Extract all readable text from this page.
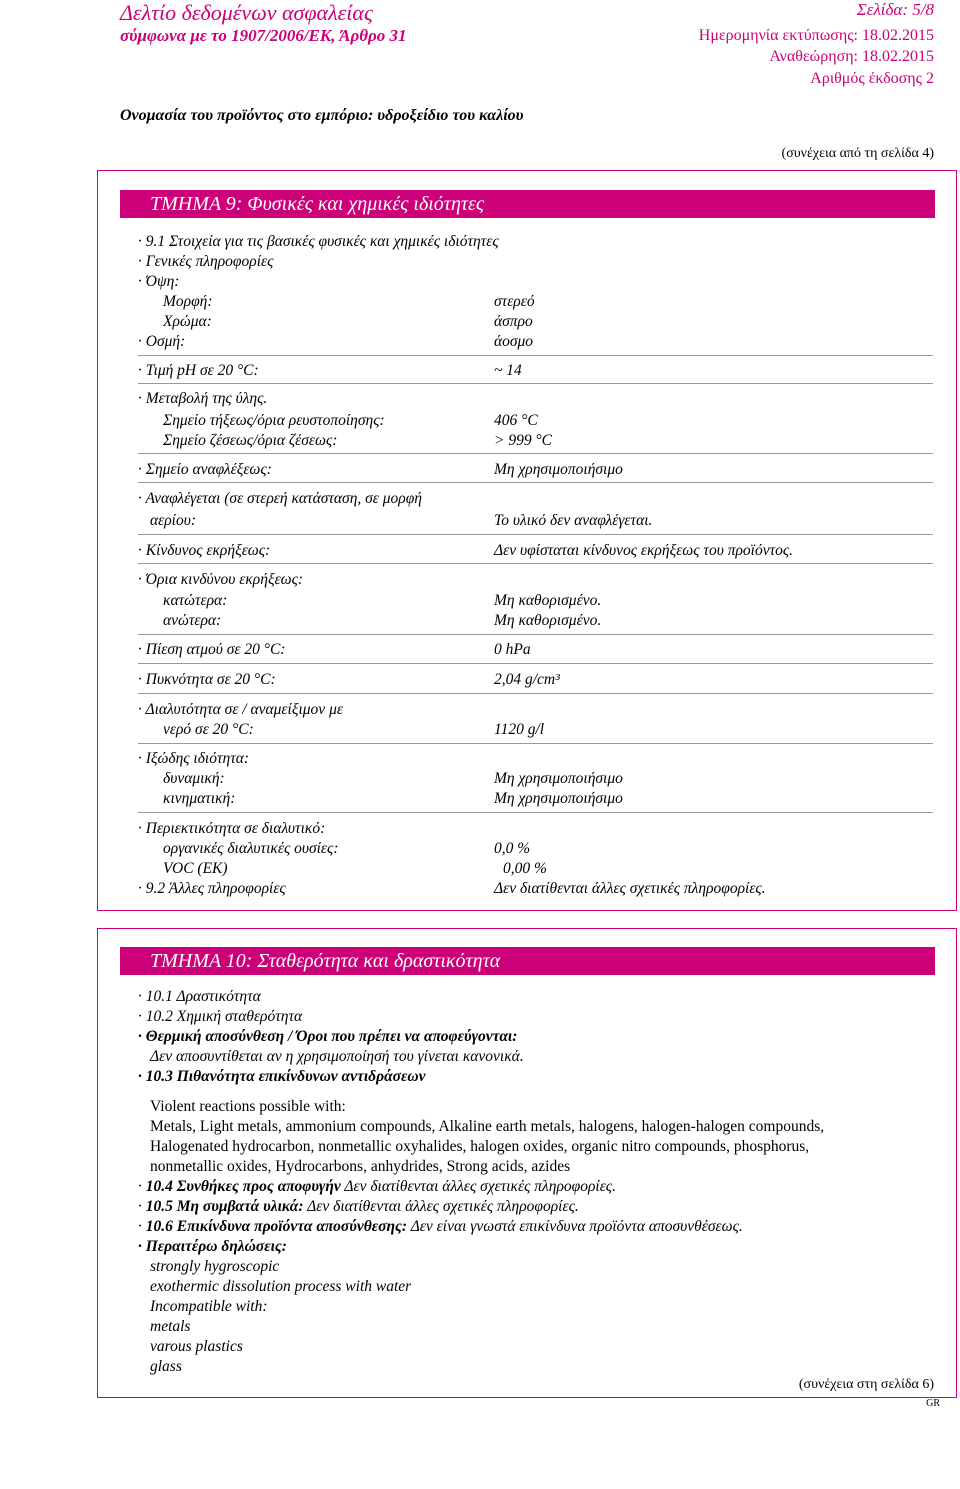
Δελτίο δεδομένων ασφαλείας
σύμφωνα με το 1907/2006/ΕΚ, Άρθρο 31
Σελίδα: 5/8
Ημερομηνία εκτύπωσης: 18.02.2015
Αναθεώρηση: 18.02.2015
Αριθμός έκδοσης 2
Ονομασία του προϊόντος στο εμπόριο: υδροξείδιο του καλίου
(συνέχεια από τη σελίδα 4)
ΤΜΗΜΑ 9: Φυσικές και χημικές ιδιότητες
· 9.1 Στοιχεία για τις βασικές φυσικές και χημικές ιδιότητες
· Γενικές πληροφορίες
· Όψη:
Μορφή:	στερεό
Χρώμα:	άσπρο
· Οσμή:	άοσμο
· Τιμή pH σε 20 °C:	~ 14
· Μεταβολή της ύλης.
Σημείο τήξεως/όρια ρευστοποίησης:	406 °C
Σημείο ζέσεως/όρια ζέσεως:	> 999 °C
· Σημείο αναφλέξεως:	Μη χρησιμοποιήσιμο
· Αναφλέγεται (σε στερεή κατάσταση, σε μορφή
αερίου:	Το υλικό δεν αναφλέγεται.
· Κίνδυνος εκρήξεως:	Δεν υφίσταται κίνδυνος εκρήξεως του προϊόντος.
· Όρια κινδύνου εκρήξεως:
κατώτερα:	Μη καθορισμένο.
ανώτερα:	Μη καθορισμένο.
· Πίεση ατμού σε 20 °C:	0 hPa
· Πυκνότητα σε 20 °C:	2,04 g/cm³
· Διαλυτότητα σε / αναμείξιμον με
νερό σε 20 °C:	1120 g/l
· Ιξώδης ιδιότητα:
δυναμική:	Μη χρησιμοποιήσιμο
κινηματική:	Μη χρησιμοποιήσιμο
· Περιεκτικότητα σε διαλυτικό:
οργανικές διαλυτικές ουσίες:	0,0 %
VOC (EK)	0,00 %
· 9.2 Άλλες πληροφορίες	Δεν διατίθενται άλλες σχετικές πληροφορίες.
ΤΜΗΜΑ 10: Σταθερότητα και δραστικότητα
· 10.1 Δραστικότητα
· 10.2 Χημική σταθερότητα
· Θερμική αποσύνθεση / Όροι που πρέπει να αποφεύγονται:
Δεν αποσυντίθεται αν η χρησιμοποίησή του γίνεται κανονικά.
· 10.3 Πιθανότητα επικίνδυνων αντιδράσεων
Violent reactions possible with:
Metals, Light metals, ammonium compounds, Alkaline earth metals, halogens, halogen-halogen compounds,
Halogenated hydrocarbon, nonmetallic oxyhalides, halogen oxides, organic nitro compounds, phosphorus,
nonmetallic oxides, Hydrocarbons, anhydrides, Strong acids, azides
· 10.4 Συνθήκες προς αποφυγήν Δεν διατίθενται άλλες σχετικές πληροφορίες.
· 10.5 Μη συμβατά υλικά: Δεν διατίθενται άλλες σχετικές πληροφορίες.
· 10.6 Επικίνδυνα προϊόντα αποσύνθεσης: Δεν είναι γνωστά επικίνδυνα προϊόντα αποσυνθέσεως.
· Περαιτέρω δηλώσεις:
strongly hygroscopic
exothermic dissolution process with water
Incompatible with:
metals
varous plastics
glass
(συνέχεια στη σελίδα 6)
GR
